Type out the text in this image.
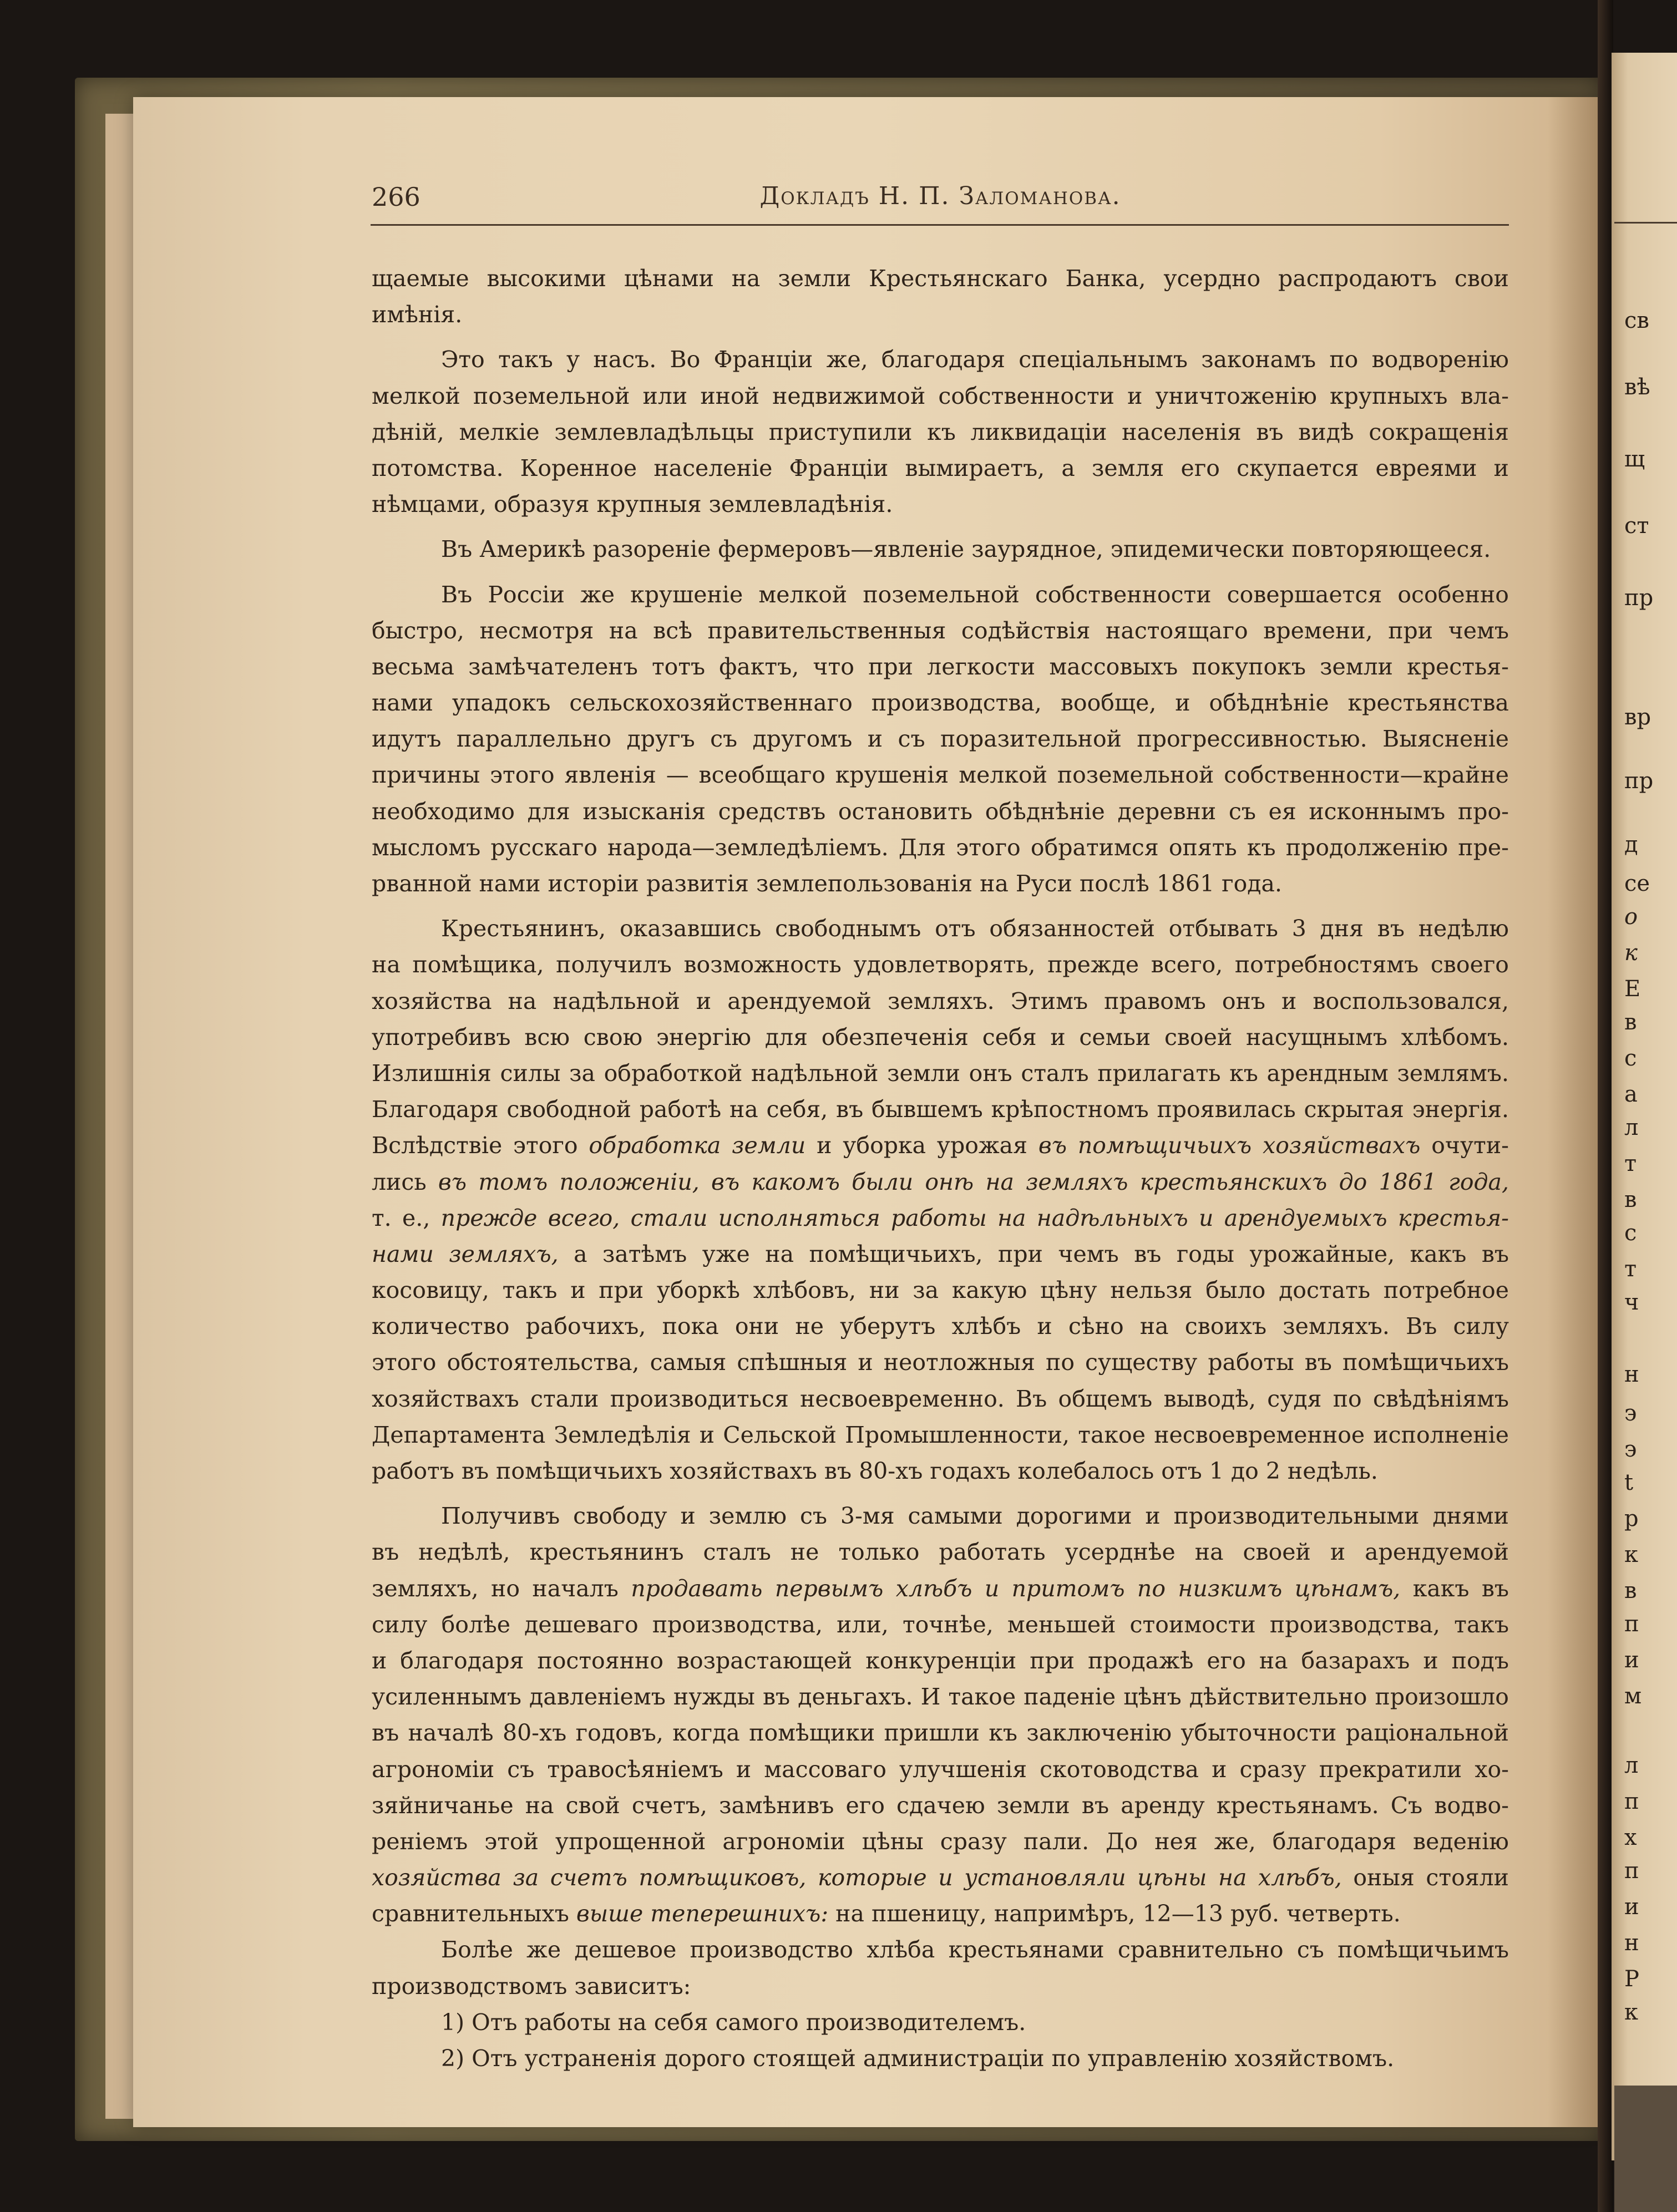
св
вѣ
щ
ст
пр
вр
пр
д
се
о
к
Е
в
с
а
л
т
в
с
т
ч
н
э
э
t
р
к
в
п
и
м
л
п
х
п
и
н
Р
к
266	Докладъ Н. П. Заломанова.
щаемые высокими цѣнами на земли Крестьянскаго Банка, усердно распродаютъ свои
имѣнія.
Это такъ у насъ. Во Франціи же, благодаря спеціальнымъ законамъ по водворенію
мелкой поземельной или иной недвижимой собственности и уничтоженію крупныхъ вла-
дѣній, мелкіе землевладѣльцы приступили къ ликвидаціи населенія въ видѣ сокращенія
потомства. Коренное населеніе Франціи вымираетъ, а земля его скупается евреями и
нѣмцами, образуя крупныя землевладѣнія.
Въ Америкѣ разореніе фермеровъ—явленіе заурядное, эпидемически повторяющееся.
Въ Россіи же крушеніе мелкой поземельной собственности совершается особенно
быстро, несмотря на всѣ правительственныя содѣйствія настоящаго времени, при чемъ
весьма замѣчателенъ тотъ фактъ, что при легкости массовыхъ покупокъ земли крестья-
нами упадокъ сельскохозяйственнаго производства, вообще, и обѣднѣніе крестьянства
идутъ параллельно другъ съ другомъ и съ поразительной прогрессивностью. Выясненіе
причины этого явленія — всеобщаго крушенія мелкой поземельной собственности—крайне
необходимо для изысканія средствъ остановить обѣднѣніе деревни съ ея исконнымъ про-
мысломъ русскаго народа—земледѣліемъ. Для этого обратимся опять къ продолженію пре-
рванной нами исторіи развитія землепользованія на Руси послѣ 1861 года.
Крестьянинъ, оказавшись свободнымъ отъ обязанностей отбывать 3 дня въ недѣлю
на помѣщика, получилъ возможность удовлетворять, прежде всего, потребностямъ своего
хозяйства на надѣльной и арендуемой земляхъ. Этимъ правомъ онъ и воспользовался,
употребивъ всю свою энергію для обезпеченія себя и семьи своей насущнымъ хлѣбомъ.
Излишнія силы за обработкой надѣльной земли онъ сталъ прилагать къ арендным землямъ.
Благодаря свободной работѣ на себя, въ бывшемъ крѣпостномъ проявилась скрытая энергія.
Вслѣдствіе этого обработка земли и уборка урожая въ помѣщичьихъ хозяйствахъ очути-
лись въ томъ положеніи, въ какомъ были онѣ на земляхъ крестьянскихъ до 1861 года,
т. е., прежде всего, стали исполняться работы на надѣльныхъ и арендуемыхъ крестья-
нами земляхъ, а затѣмъ уже на помѣщичьихъ, при чемъ въ годы урожайные, какъ въ
косовицу, такъ и при уборкѣ хлѣбовъ, ни за какую цѣну нельзя было достать потребное
количество рабочихъ, пока они не уберутъ хлѣбъ и сѣно на своихъ земляхъ. Въ силу
этого обстоятельства, самыя спѣшныя и неотложныя по существу работы въ помѣщичьихъ
хозяйствахъ стали производиться несвоевременно. Въ общемъ выводѣ, судя по свѣдѣніямъ
Департамента Земледѣлія и Сельской Промышленности, такое несвоевременное исполненіе
работъ въ помѣщичьихъ хозяйствахъ въ 80-хъ годахъ колебалось отъ 1 до 2 недѣль.
Получивъ свободу и землю съ 3-мя самыми дорогими и производительными днями
въ недѣлѣ, крестьянинъ сталъ не только работать усерднѣе на своей и арендуемой
земляхъ, но началъ продавать первымъ хлѣбъ и притомъ по низкимъ цѣнамъ, какъ въ
силу болѣе дешеваго производства, или, точнѣе, меньшей стоимости производства, такъ
и благодаря постоянно возрастающей конкуренціи при продажѣ его на базарахъ и подъ
усиленнымъ давленіемъ нужды въ деньгахъ. И такое паденіе цѣнъ дѣйствительно произошло
въ началѣ 80-хъ годовъ, когда помѣщики пришли къ заключенію убыточности раціональной
агрономіи съ травосѣяніемъ и массоваго улучшенія скотоводства и сразу прекратили хо-
зяйничанье на свой счетъ, замѣнивъ его сдачею земли въ аренду крестьянамъ. Съ водво-
реніемъ этой упрощенной агрономіи цѣны сразу пали. До нея же, благодаря веденію
хозяйства за счетъ помѣщиковъ, которые и установляли цѣны на хлѣбъ, оныя стояли
сравнительныхъ выше теперешнихъ: на пшеницу, напримѣръ, 12—13 руб. четверть.
Болѣе же дешевое производство хлѣба крестьянами сравнительно съ помѣщичьимъ
производствомъ зависитъ:
1) Отъ работы на себя самого производителемъ.
2) Отъ устраненія дорого стоящей администраціи по управленію хозяйствомъ.
